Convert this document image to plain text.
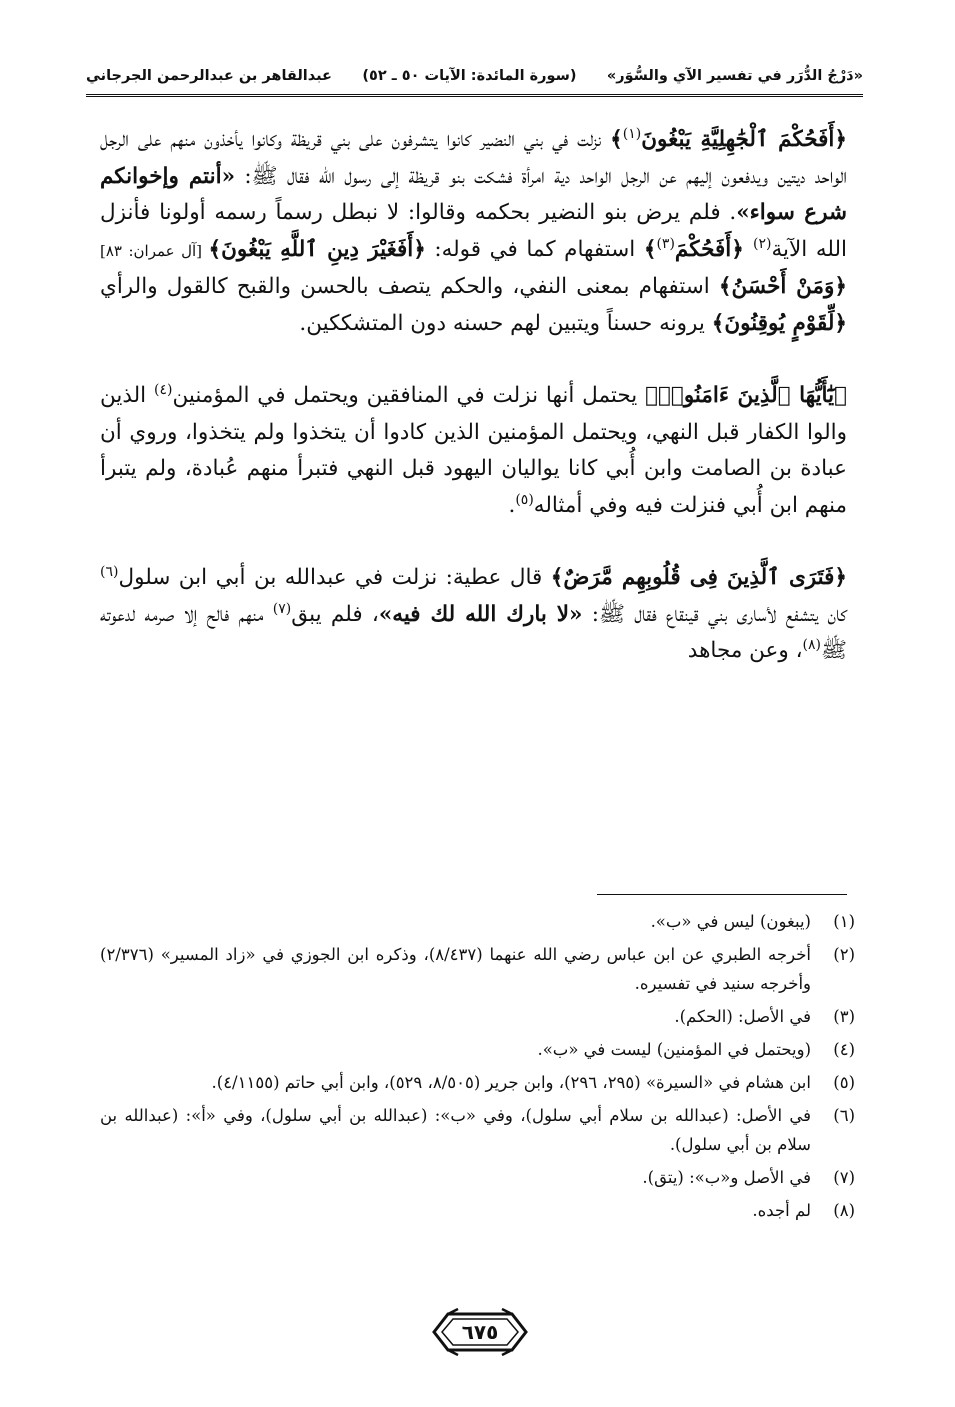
«دَرْجُ الدُّرَر في تفسير الآي والسُّوَر»
(سورة المائدة: الآيات ٥٠ ـ ٥٢)
عبدالقاهر بن عبدالرحمن الجرجاني

﴿أَفَحُكْمَ ٱلْجَٰهِلِيَّةِ يَبْغُونَ$^{(١)}$﴾ نزلت في بني النضير كانوا يتشرفون على بني قريظة وكانوا يأخذون منهم على الرجل الواحد ديتين ويدفعون إليهم عن الرجل الواحد دية امرأة فشكت بنو قريظة إلى رسول الله فقال ﷺ: «أنتم وإخوانكم شرع سواء». فلم يرض بنو النضير بحكمه وقالوا: لا نبطل رسماً رسمه أولونا فأنزل الله الآية$^{(٢)}$ ﴿أَفَحُكْمَ$^{(٣)}$﴾ استفهام كما في قوله: ﴿أَفَغَيْرَ دِينِ ٱللَّهِ يَبْغُونَ﴾ [آل عمران: ٨٣] ﴿وَمَنْ أَحْسَنُ﴾ استفهام بمعنى النفي، والحكم يتصف بالحسن والقبح كالقول والرأي ﴿لِّقَوْمٍ يُوقِنُونَ﴾ يرونه حسناً ويتبين لهم حسنه دون المتشككين.

﴿يَٰٓأَيُّهَا ٱلَّذِينَ ءَامَنُوا۟﴾ يحتمل أنها نزلت في المنافقين ويحتمل في المؤمنين$^{(٤)}$ الذين والوا الكفار قبل النهي، ويحتمل المؤمنين الذين كادوا أن يتخذوا ولم يتخذوا، وروي أن عبادة بن الصامت وابن أُبي كانا يواليان اليهود قبل النهي فتبرأ منهم عُبادة، ولم يتبرأ منهم ابن أُبي فنزلت فيه وفي أمثاله$^{(٥)}$.

﴿فَتَرَى ٱلَّذِينَ فِى قُلُوبِهِم مَّرَضٌ﴾ قال عطية: نزلت في عبدالله بن أبي ابن سلول$^{(٦)}$ كان يتشفع لأسارى بني قينقاع فقال ﷺ: «لا بارك الله لك فيه»، فلم يبق$^{(٧)}$ منهم فالح إلا صرمه لدعوته ﷺ$^{(٨)}$، وعن مجاهد

(١)
(يبغون) ليس في «ب».
(٢)
أخرجه الطبري عن ابن عباس رضي الله عنهما (٨/٤٣٧)، وذكره ابن الجوزي في «زاد المسير» (٢/٣٧٦) وأخرجه سنيد في تفسيره.
(٣)
في الأصل: (الحكم).
(٤)
(ويحتمل في المؤمنين) ليست في «ب».
(٥)
ابن هشام في «السيرة» (٢٩٥، ٢٩٦)، وابن جرير (٨/٥٠٥، ٥٢٩)، وابن أبي حاتم (٤/١١٥٥).
(٦)
في الأصل: (عبدالله بن سلام أبي سلول)، وفي «ب»: (عبدالله بن أبي سلول)، وفي «أ»: (عبدالله بن سلام بن أبي سلول).
(٧)
في الأصل و«ب»: (يتق).
(٨)
لم أجده.
٦٧٥
